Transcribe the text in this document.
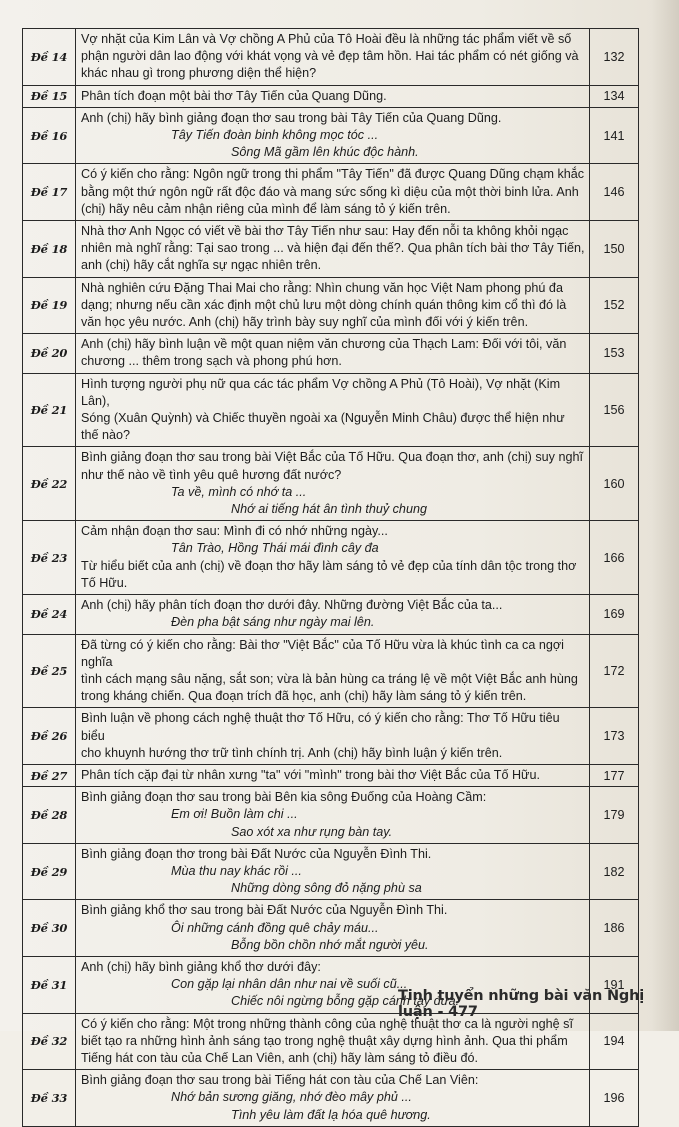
Đề 14	Vợ nhặt của Kim Lân và Vợ chồng A Phủ của Tô Hoài đều là những tác phẩm viết về số
phận người dân lao động với khát vọng và vẻ đẹp tâm hồn. Hai tác phẩm có nét giống và
khác nhau gì trong phương diện thể hiện?	132
Đề 15	Phân tích đoạn một bài thơ Tây Tiến của Quang Dũng.	134
Đề 16	Anh (chị) hãy bình giảng đoạn thơ sau trong bài Tây Tiến của Quang Dũng.
Tây Tiến đoàn binh không mọc tóc ...
Sông Mã gầm lên khúc độc hành.	141
Đề 17	Có ý kiến cho rằng: Ngôn ngữ trong thi phẩm "Tây Tiến" đã được Quang Dũng chạm khắc
bằng một thứ ngôn ngữ rất độc đáo và mang sức sống kì diệu của một thời binh lửa. Anh
(chị) hãy nêu cảm nhận riêng của mình để làm sáng tỏ ý kiến trên.	146
Đề 18	Nhà thơ Anh Ngọc có viết về bài thơ Tây Tiến như sau: Hay đến nỗi ta không khỏi ngạc
nhiên mà nghĩ rằng: Tại sao trong ... và hiện đại đến thế?. Qua phân tích bài thơ Tây Tiến,
anh (chị) hãy cắt nghĩa sự ngạc nhiên trên.	150
Đề 19	Nhà nghiên cứu Đặng Thai Mai cho rằng: Nhìn chung văn học Việt Nam phong phú đa
dạng; nhưng nếu cần xác định một chủ lưu một dòng chính quán thông kim cổ thì đó là
văn học yêu nước. Anh (chị) hãy trình bày suy nghĩ của mình đối với ý kiến trên.	152
Đề 20	Anh (chị) hãy bình luận về một quan niệm văn chương của Thạch Lam: Đối với tôi, văn
chương ... thêm trong sạch và phong phú hơn.	153
Đề 21	Hình tượng người phụ nữ qua các tác phẩm Vợ chồng A Phủ (Tô Hoài), Vợ nhặt (Kim Lân),
Sóng (Xuân Quỳnh) và Chiếc thuyền ngoài xa (Nguyễn Minh Châu) được thể hiện như thế nào?	156
Đề 22	Bình giảng đoạn thơ sau trong bài Việt Bắc của Tố Hữu. Qua đoạn thơ, anh (chị) suy nghĩ
như thế nào về tình yêu quê hương đất nước?
Ta về, mình có nhớ ta ...
Nhớ ai tiếng hát ân tình thuỷ chung	160
Đề 23	Cảm nhận đoạn thơ sau: Mình đi có nhớ những ngày...
Tân Trào, Hồng Thái mái đình cây đa
Từ hiểu biết của anh (chị) về đoạn thơ hãy làm sáng tỏ vẻ đẹp của tính dân tộc trong thơ
Tố Hữu.	166
Đề 24	Anh (chị) hãy phân tích đoạn thơ dưới đây. Những đường Việt Bắc của ta...
Đèn pha bật sáng như ngày mai lên.	169
Đề 25	Đã từng có ý kiến cho rằng: Bài thơ "Việt Bắc" của Tố Hữu vừa là khúc tình ca ca ngợi nghĩa
tình cách mạng sâu nặng, sắt son; vừa là bản hùng ca tráng lệ về một Việt Bắc anh hùng
trong kháng chiến. Qua đoạn trích đã học, anh (chị) hãy làm sáng tỏ ý kiến trên.	172
Đề 26	Bình luận về phong cách nghệ thuật thơ Tố Hữu, có ý kiến cho rằng: Thơ Tố Hữu tiêu biểu
cho khuynh hướng thơ trữ tình chính trị. Anh (chị) hãy bình luận ý kiến trên.	173
Đề 27	Phân tích cặp đại từ nhân xưng "ta" với "mình" trong bài thơ Việt Bắc của Tố Hữu.	177
Đề 28	Bình giảng đoạn thơ sau trong bài Bên kia sông Đuống của Hoàng Cầm:
Em ơi! Buồn làm chi ...
Sao xót xa như rụng bàn tay.	179
Đề 29	Bình giảng đoạn thơ trong bài Đất Nước của Nguyễn Đình Thi.
Mùa thu nay khác rồi ...
Những dòng sông đỏ nặng phù sa	182
Đề 30	Bình giảng khổ thơ sau trong bài Đất Nước của Nguyễn Đình Thi.
Ôi những cánh đồng quê chảy máu...
Bỗng bồn chồn nhớ mắt người yêu.	186
Đề 31	Anh (chị) hãy bình giảng khổ thơ dưới đây:
Con gặp lại nhân dân như nai về suối cũ...
Chiếc nôi ngừng bỗng gặp cánh tay đưa.	191
Đề 32	Có ý kiến cho rằng: Một trong những thành công của nghệ thuật thơ ca là người nghệ sĩ
biết tạo ra những hình ảnh sáng tạo trong nghệ thuật xây dựng hình ảnh. Qua thi phẩm
Tiếng hát con tàu của Chế Lan Viên, anh (chị) hãy làm sáng tỏ điều đó.	194
Đề 33	Bình giảng đoạn thơ sau trong bài Tiếng hát con tàu của Chế Lan Viên:
Nhớ bản sương giăng, nhớ đèo mây phủ ...
Tình yêu làm đất lạ hóa quê hương.	196
Tinh tuyển những bài văn Nghị luận - 477
